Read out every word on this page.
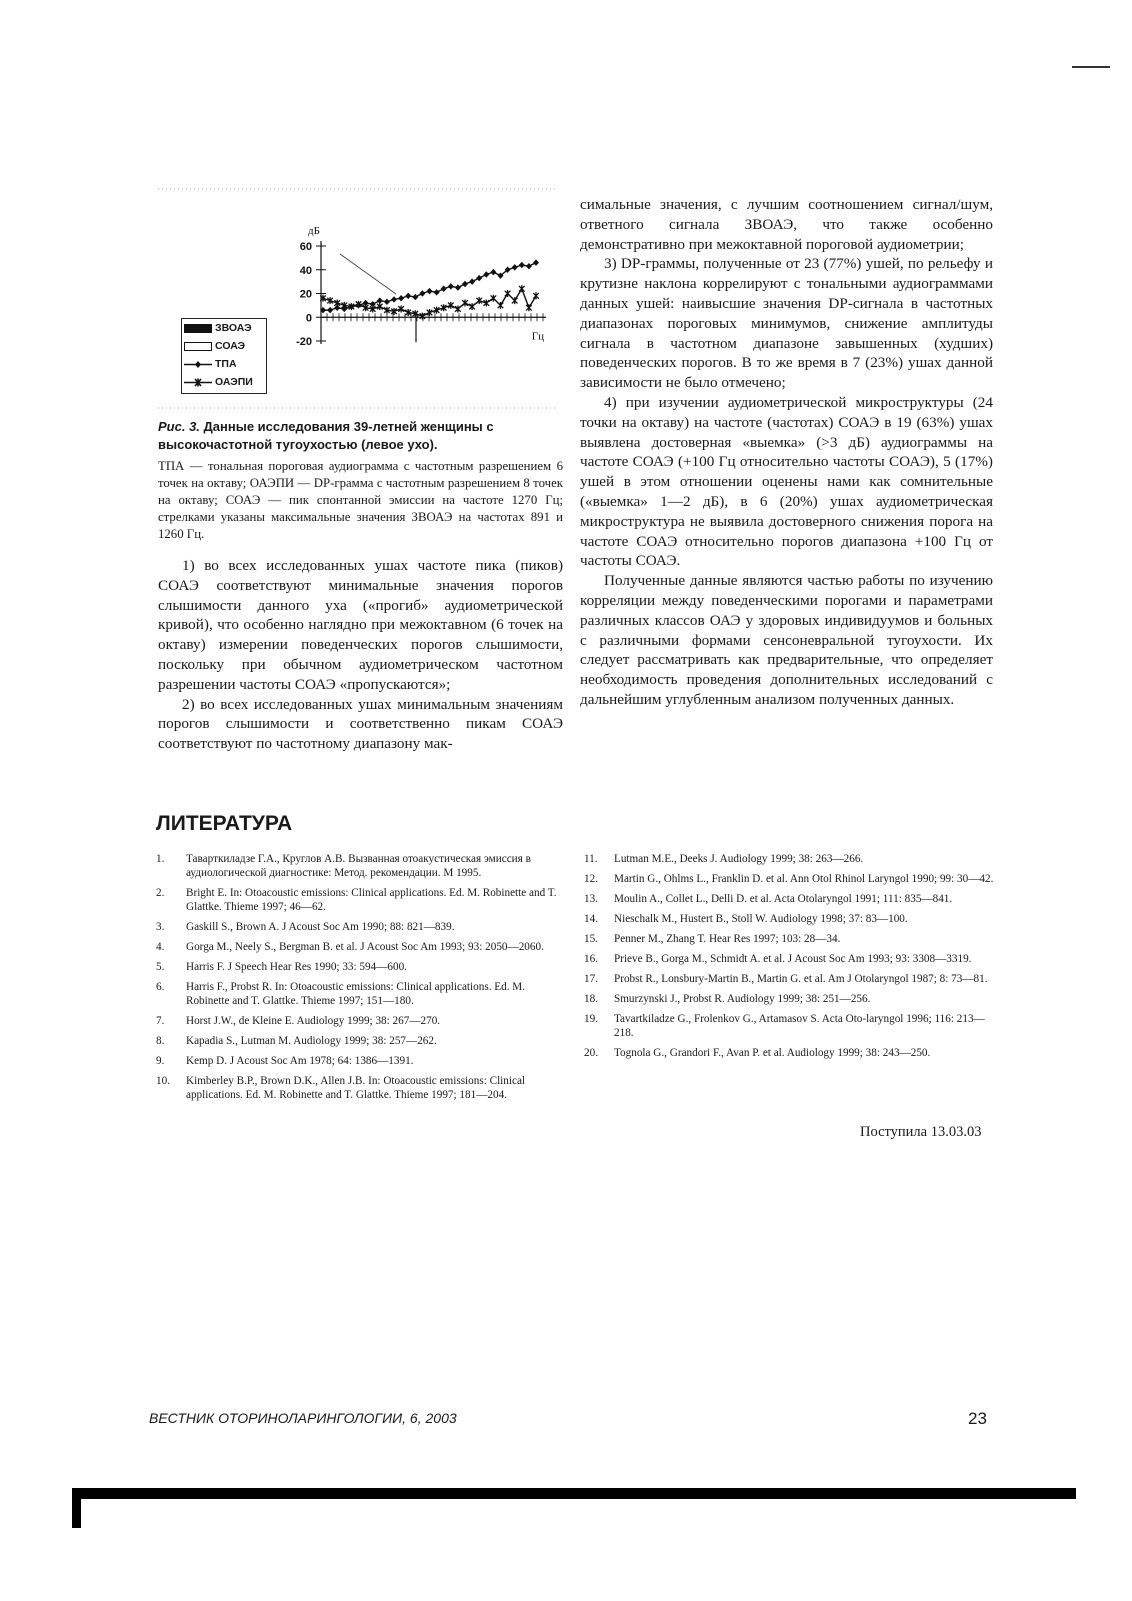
60
40
20
0
-20
дБ
Гц
ЗВОАЭ
СОАЭ
ТПА
ОАЭПИ
Рис. 3. Данные исследования 39-летней женщины с высокочастотной тугоухостью (левое ухо).
ТПА — тональная пороговая аудиограмма с частотным разрешением 6 точек на октаву; ОАЭПИ — DP-грамма с частотным разрешением 8 точек на октаву; СОАЭ — пик спонтанной эмиссии на частоте 1270 Гц; стрелками указаны максимальные значения ЗВОАЭ на частотах 891 и 1260 Гц.

1) во всех исследованных ушах частоте пика (пиков) СОАЭ соответствуют минимальные значения порогов слышимости данного уха («прогиб» аудиометрической кривой), что особенно наглядно при межоктавном (6 точек на октаву) измерении поведенческих порогов слышимости, поскольку при обычном аудиометрическом частотном разрешении частоты СОАЭ «пропускаются»;

2) во всех исследованных ушах минимальным значениям порогов слышимости и соответственно пикам СОАЭ соответствуют по частотному диапазону мак-

симальные значения, с лучшим соотношением сигнал/шум, ответного сигнала ЗВОАЭ, что также особенно демонстративно при межоктавной пороговой аудиометрии;

3) DP-граммы, полученные от 23 (77%) ушей, по рельефу и крутизне наклона коррелируют с тональными аудиограммами данных ушей: наивысшие значения DP-сигнала в частотных диапазонах пороговых минимумов, снижение амплитуды сигнала в частотном диапазоне завышенных (худших) поведенческих порогов. В то же время в 7 (23%) ушах данной зависимости не было отмечено;

4) при изучении аудиометрической микроструктуры (24 точки на октаву) на частоте (частотах) СОАЭ в 19 (63%) ушах выявлена достоверная «выемка» (>3 дБ) аудиограммы на частоте СОАЭ (+100 Гц относительно частоты СОАЭ), 5 (17%) ушей в этом отношении оценены нами как сомнительные («выемка» 1—2 дБ), в 6 (20%) ушах аудиометрическая микроструктура не выявила достоверного снижения порога на частоте СОАЭ относительно порогов диапазона +100 Гц от частоты СОАЭ.

Полученные данные являются частью работы по изучению корреляции между поведенческими порогами и параметрами различных классов ОАЭ у здоровых индивидуумов и больных с различными формами сенсоневральной тугоухости. Их следует рассматривать как предварительные, что определяет необходимость проведения дополнительных исследований с дальнейшим углубленным анализом полученных данных.

ЛИТЕРАТУРА
1.	Таварткиладзе Г.А., Круглов А.В. Вызванная отоакустическая эмиссия в аудиологической диагностике: Метод. рекомендации. М 1995.
2.	Bright E. In: Otoacoustic emissions: Clinical applications. Ed. M. Robinette and T. Glattke. Thieme 1997; 46—62.
3.	Gaskill S., Brown A. J Acoust Soc Am 1990; 88: 821—839.
4.	Gorga M., Neely S., Bergman B. et al. J Acoust Soc Am 1993; 93: 2050—2060.
5.	Harris F. J Speech Hear Res 1990; 33: 594—600.
6.	Harris F., Probst R. In: Otoacoustic emissions: Clinical applications. Ed. M. Robinette and T. Glattke. Thieme 1997; 151—180.
7.	Horst J.W., de Kleine E. Audiology 1999; 38: 267—270.
8.	Kapadia S., Lutman M. Audiology 1999; 38: 257—262.
9.	Kemp D. J Acoust Soc Am 1978; 64: 1386—1391.
10.	Kimberley B.P., Brown D.K., Allen J.B. In: Otoacoustic emissions: Clinical applications. Ed. M. Robinette and T. Glattke. Thieme 1997; 181—204.
11.	Lutman M.E., Deeks J. Audiology 1999; 38: 263—266.
12.	Martin G., Ohlms L., Franklin D. et al. Ann Otol Rhinol Laryngol 1990; 99: 30—42.
13.	Moulin A., Collet L., Delli D. et al. Acta Otolaryngol 1991; 111: 835—841.
14.	Nieschalk M., Hustert B., Stoll W. Audiology 1998; 37: 83—100.
15.	Penner M., Zhang T. Hear Res 1997; 103: 28—34.
16.	Prieve B., Gorga M., Schmidt A. et al. J Acoust Soc Am 1993; 93: 3308—3319.
17.	Probst R., Lonsbury-Martin B., Martin G. et al. Am J Otolaryngol 1987; 8: 73—81.
18.	Smurzynski J., Probst R. Audiology 1999; 38: 251—256.
19.	Tavartkiladze G., Frolenkov G., Artamasov S. Acta Oto-laryngol 1996; 116: 213—218.
20.	Tognola G., Grandori F., Avan P. et al. Audiology 1999; 38: 243—250.
Поступила 13.03.03
ВЕСТНИК ОТОРИНОЛАРИНГОЛОГИИ, 6, 2003	23
